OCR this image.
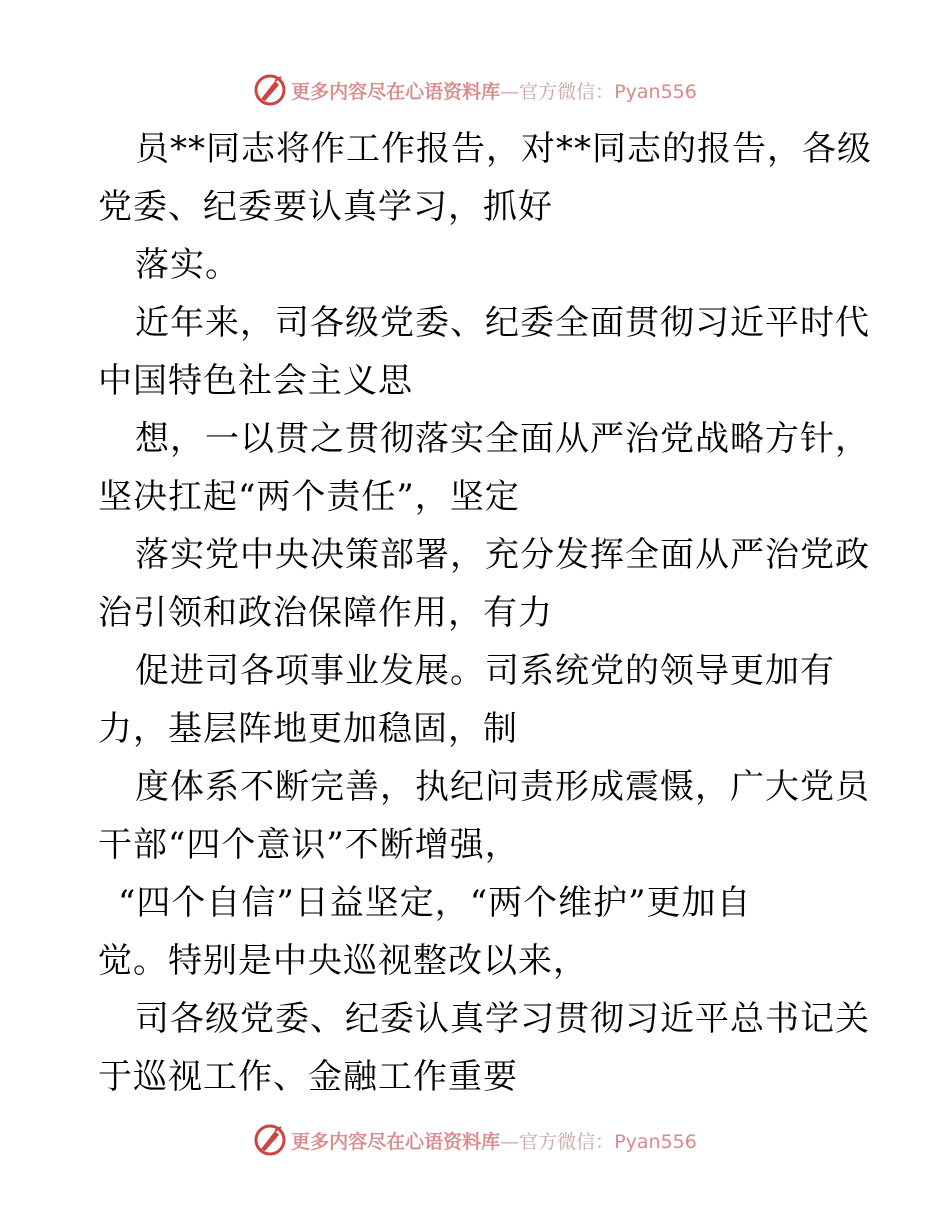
更多内容尽在心语资料库—官方微信：Pyan556
员**同志将作工作报告，对**同志的报告，各级
党委、纪委要认真学习，抓好
落实。
近年来，司各级党委、纪委全面贯彻习近平时代
中国特色社会主义思
想，一以贯之贯彻落实全面从严治党战略方针，
坚决扛起“两个责任”，坚定
落实党中央决策部署，充分发挥全面从严治党政
治引领和政治保障作用，有力
促进司各项事业发展。司系统党的领导更加有
力，基层阵地更加稳固，制
度体系不断完善，执纪问责形成震慑，广大党员
干部“四个意识”不断增强，
“四个自信”日益坚定，“两个维护”更加自
觉。特别是中央巡视整改以来，
司各级党委、纪委认真学习贯彻习近平总书记关
于巡视工作、金融工作重要
更多内容尽在心语资料库—官方微信：Pyan556
